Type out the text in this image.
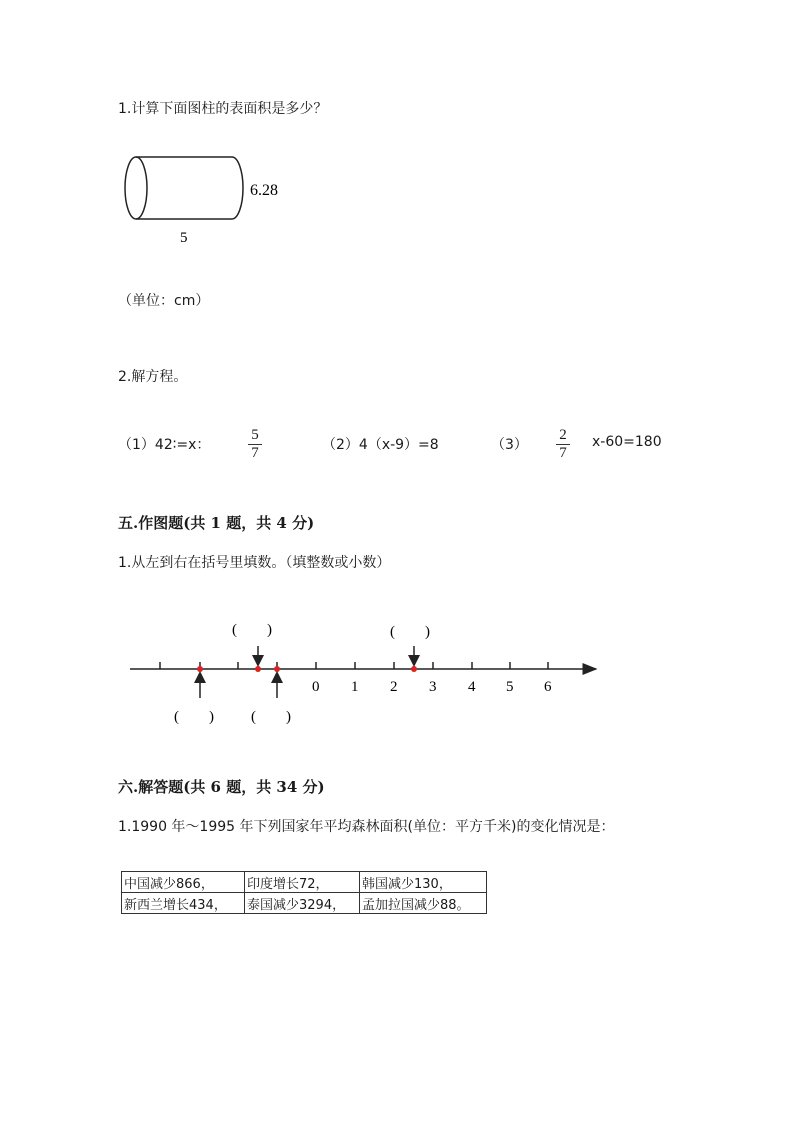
1.计算下面图柱的表面积是多少？
6.28
5
（单位：cm）
2.解方程。
（1）42∶=x：
5
7	（2）4（x-9）=8	（3）
2
7
x-60=180
五.作图题(共 1 题，共 4 分)
1.从左到右在括号里填数。（填整数或小数）
0 1 2 3 4 5 6
(　　)	(　　)
(　　) (　　)
六.解答题(共 6 题，共 34 分)
1.1990 年～1995 年下列国家年平均森林面积(单位：平方千米)的变化情况是：
中国减少866，	印度增长72，	韩国减少130，
新西兰增长434，	泰国减少3294，	孟加拉国减少88。
